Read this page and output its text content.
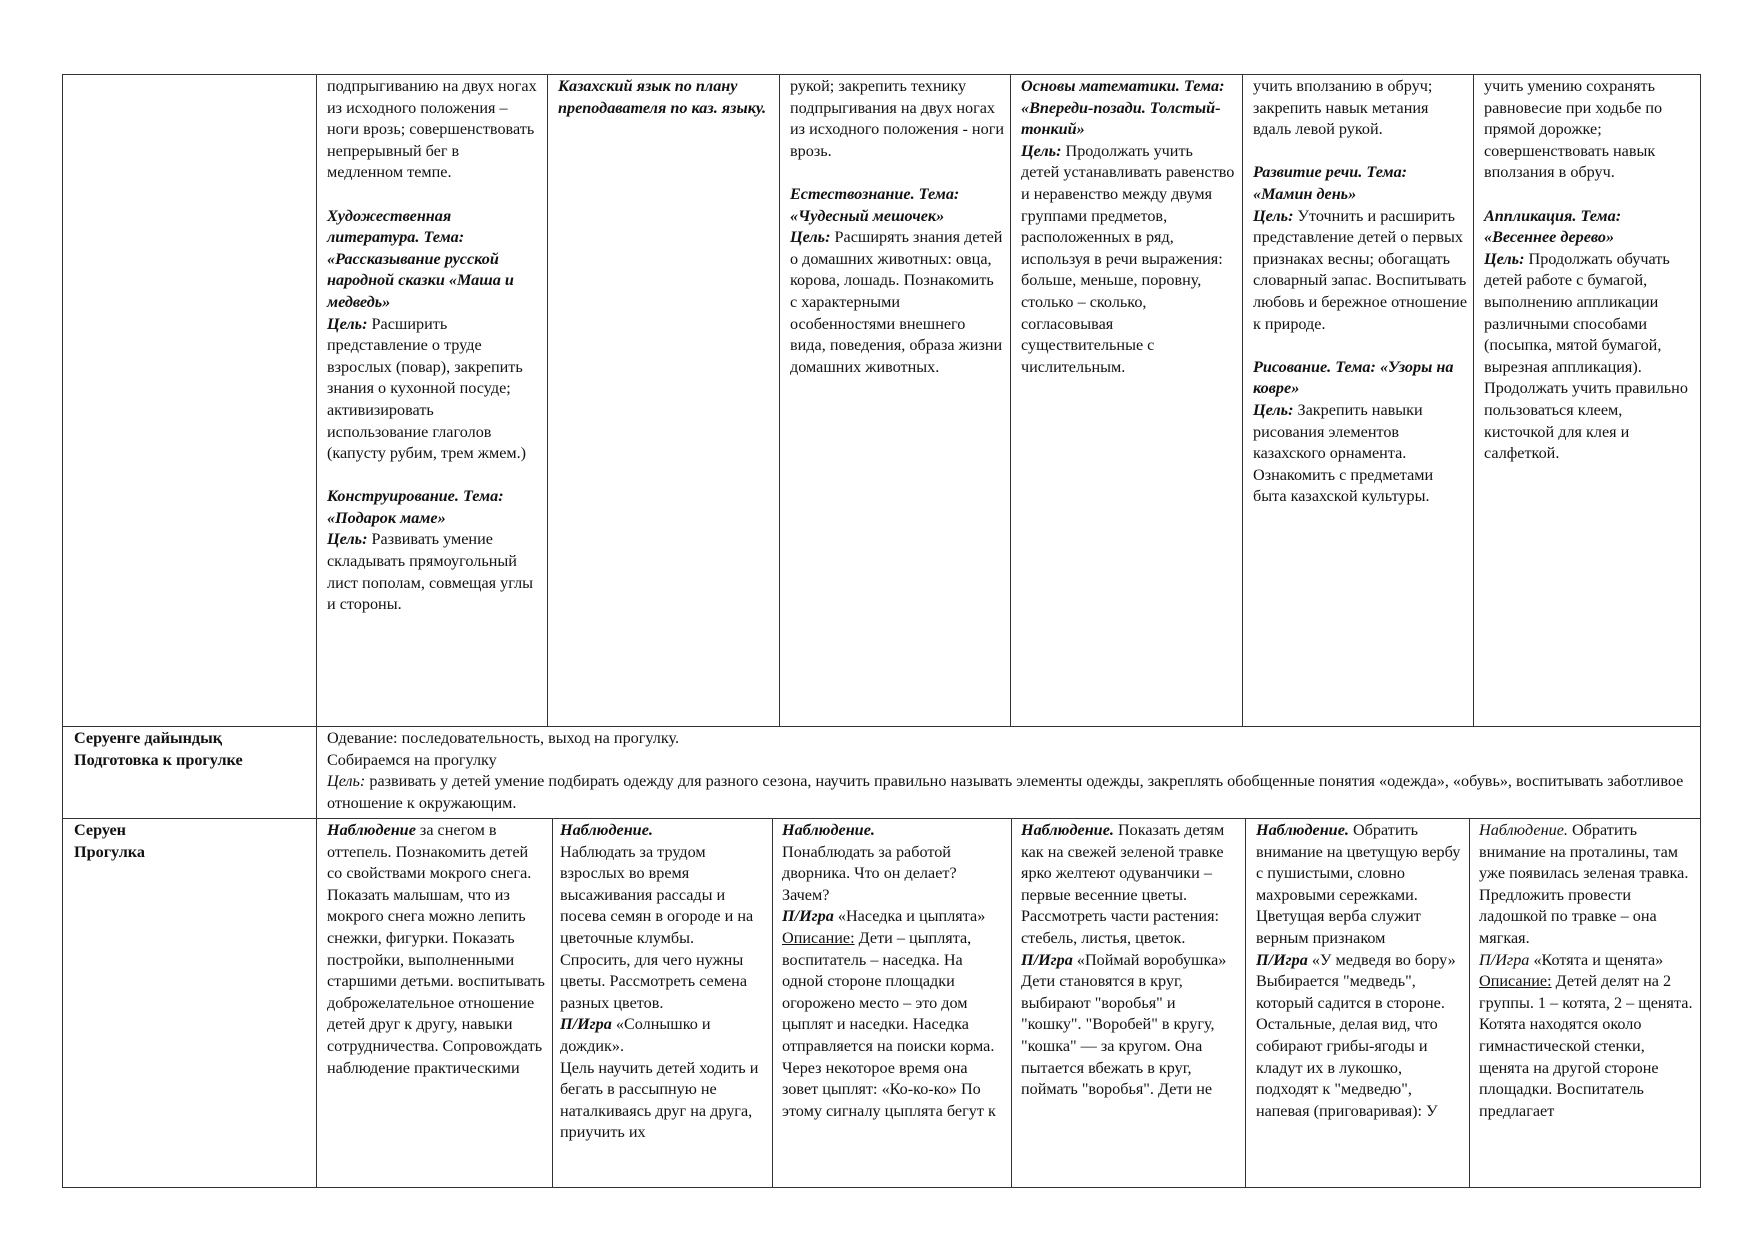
подпрыгиванию на двух ногах из исходного положения – ноги врозь; совершенствовать непрерывный бег в медленном темпе.

Художественная литература. Тема: «Рассказывание русской народной сказки «Маша и медведь»

Цель: Расширить представление о труде взрослых (повар), закрепить знания о кухонной посуде; активизировать использование глаголов (капусту рубим, трем жмем.)

Конструирование. Тема: «Подарок маме»

Цель: Развивать умение складывать прямоугольный лист пополам, совмещая углы и стороны.

Казахский язык по плану преподавателя по каз. языку.

рукой; закрепить технику подпрыгивания на двух ногах из исходного положения - ноги врозь.

Естествознание. Тема: «Чудесный мешочек»

Цель: Расширять знания детей о домашних животных: овца, корова, лошадь. Познакомить с характерными особенностями внешнего вида, поведения, образа жизни домашних животных.

Основы математики. Тема: «Впереди-позади. Толстый-тонкий»

Цель: Продолжать учить детей устанавливать равенство и неравенство между двумя группами предметов, расположенных в ряд, используя в речи выражения: больше, меньше, поровну, столько – сколько, согласовывая существительные с числительным.

учить вползанию в обруч; закрепить навык метания вдаль левой рукой.

Развитие речи. Тема: «Мамин день»

Цель: Уточнить и расширить представление детей о первых признаках весны; обогащать словарный запас. Воспитывать любовь и бережное отношение к природе.

Рисование. Тема: «Узоры на ковре»

Цель: Закрепить навыки рисования элементов казахского орнамента. Ознакомить с предметами быта казахской культуры.

учить умению сохранять равновесие при ходьбе по прямой дорожке; совершенствовать навык вползания в обруч.

Аппликация. Тема: «Весеннее дерево»

Цель: Продолжать обучать детей работе с бумагой, выполнению аппликации различными способами (посыпка, мятой бумагой, вырезная аппликация). Продолжать учить правильно пользоваться клеем, кисточкой для клея и салфеткой.

Серуенге дайындық

Подготовка к прогулке

Одевание: последовательность, выход на прогулку.

Собираемся на прогулку

Цель: развивать у детей умение подбирать одежду для разного сезона, научить правильно называть элементы одежды, закреплять обобщенные понятия «одежда», «обувь», воспитывать заботливое отношение к окружающим.

Серуен

Прогулка

Наблюдение за снегом в оттепель. Познакомить детей со свойствами мокрого снега. Показать малышам, что из мокрого снега можно лепить снежки, фигурки. Показать постройки, выполненными старшими детьми. воспитывать доброжелательное отношение детей друг к другу, навыки сотрудничества. Сопровождать наблюдение практическими

Наблюдение.

Наблюдать за трудом взрослых во время высаживания рассады и посева семян в огороде и на цветочные клумбы. Спросить, для чего нужны цветы. Рассмотреть семена разных цветов.

П/Игра «Солнышко и дождик».

Цель научить детей ходить и бегать в рассыпную не наталкиваясь друг на друга, приучить их

Наблюдение.

Понаблюдать за работой дворника. Что он делает? Зачем?

П/Игра «Наседка и цыплята»

Описание: Дети – цыплята, воспитатель – наседка. На одной стороне площадки огорожено место – это дом цыплят и наседки. Наседка отправляется на поиски корма. Через некоторое время она зовет цыплят: «Ко-ко-ко» По этому сигналу цыплята бегут к

Наблюдение. Показать детям как на свежей зеленой травке ярко желтеют одуванчики – первые весенние цветы. Рассмотреть части растения: стебель, листья, цветок.

П/Игра «Поймай воробушка»

Дети становятся в круг, выбирают "воробья" и "кошку". "Воробей" в кругу, "кошка" — за кругом. Она пытается вбежать в круг, поймать "воробья". Дети не

Наблюдение. Обратить внимание на цветущую вербу с пушистыми, словно махровыми сережками. Цветущая верба служит верным признаком

П/Игра «У медведя во бору»

Выбирается "медведь", который садится в стороне. Остальные, делая вид, что собирают грибы-ягоды и кладут их в лукошко, подходят к "медведю", напевая (приговаривая): У

Наблюдение. Обратить внимание на проталины, там уже появилась зеленая травка. Предложить провести ладошкой по травке – она мягкая.

П/Игра «Котята и щенята»

Описание: Детей делят на 2 группы. 1 – котята, 2 – щенята. Котята находятся около гимнастической стенки, щенята на другой стороне площадки. Воспитатель предлагает
